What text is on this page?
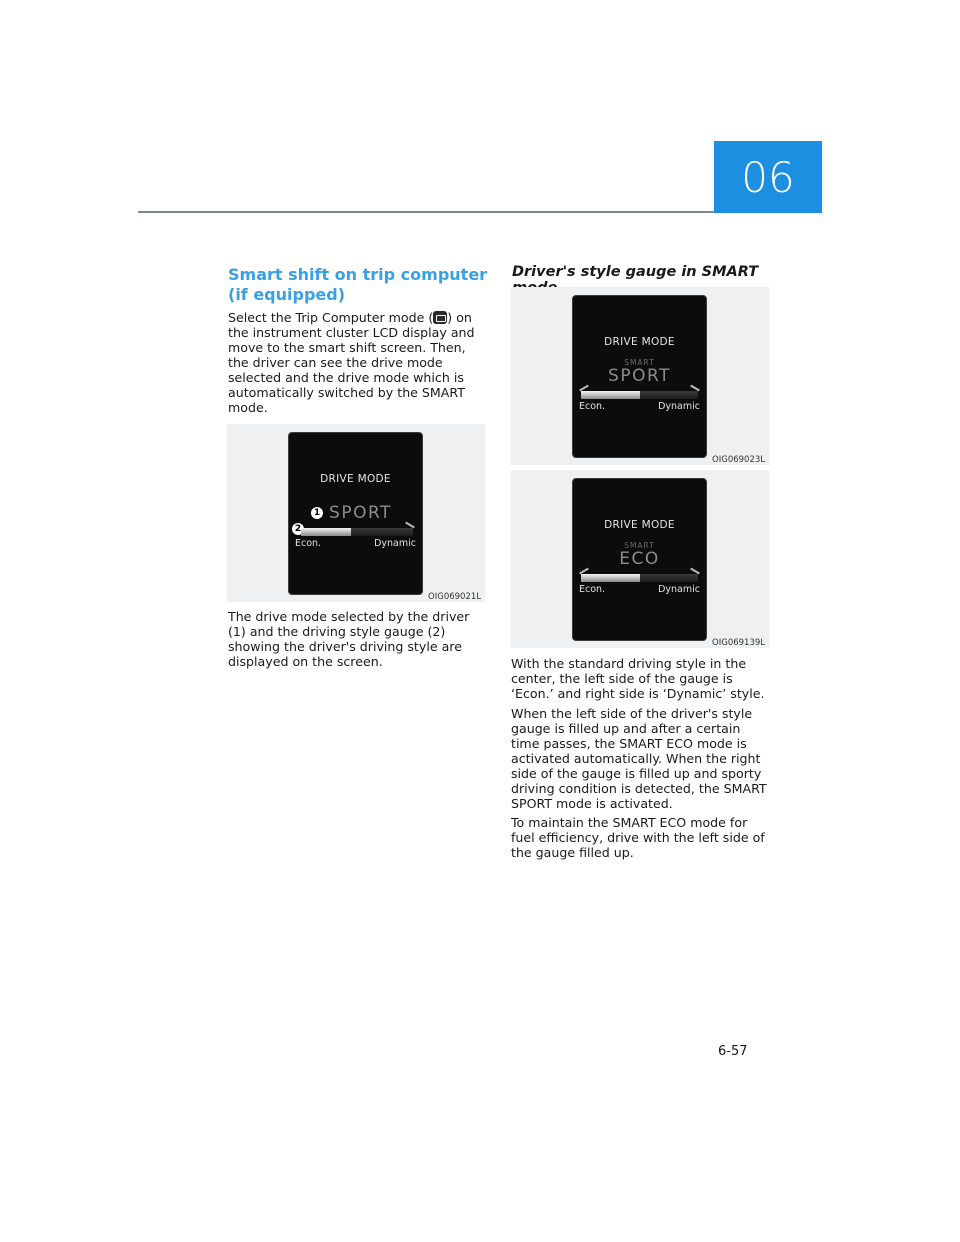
06
Smart shift on trip computer (if equipped)
Select the Trip Computer mode ( ) on the instrument cluster LCD display and move to the smart shift screen. Then, the driver can see the drive mode selected and the drive mode which is automatically switched by the SMART mode.
DRIVE MODE
SPORT
1
2
Econ.	Dynamic
OIG069021L
The drive mode selected by the driver (1) and the driving style gauge (2) showing the driver's driving style are displayed on the screen.
Driver's style gauge in SMART
DRIVE MODE
SMART
SPORT
Econ.	Dynamic
OIG069023L
DRIVE MODE
SMART
ECO
Econ.	Dynamic
OIG069139L
With the standard driving style in the center, the left side of the gauge is ‘Econ.’ and right side is ‘Dynamic’ style.
When the left side of the driver's style gauge is filled up and after a certain time passes, the SMART ECO mode is activated automatically. When the right side of the gauge is filled up and sporty driving condition is detected, the SMART SPORT mode is activated.
To maintain the SMART ECO mode for fuel efficiency, drive with the left side of the gauge filled up.
6-57
